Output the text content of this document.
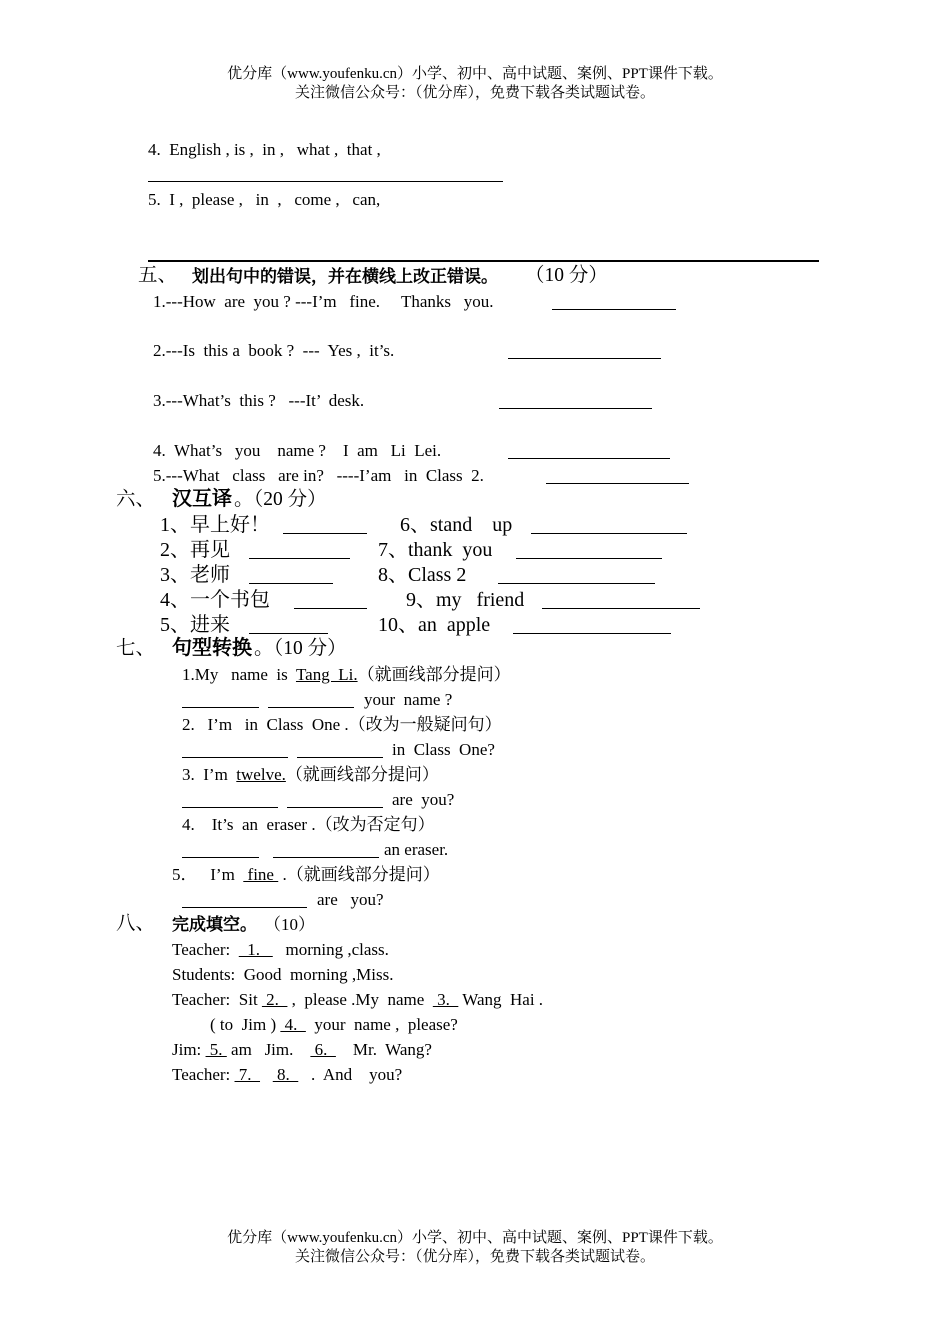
优分库（www.youfenku.cn）小学、初中、高中试题、案例、PPT课件下载。
关注微信公众号：（优分库），免费下载各类试题试卷。
4.  English , is ,  in ,   what ,  that ,
5.  I ,  please ,   in  ,   come ,   can,
五、 划出句中的错误，并在横线上改正错误。 （10 分）
1.---How  are  you ? ---I’m   fine.     Thanks   you.
2.---Is  this a  book ?  ---  Yes ,  it’s.
3.---What’s  this ?   ---It’  desk.
4.  What’s   you    name ?    I  am   Li  Lei.
5.---What   class   are in?   ----I’am   in  Class  2.
六、 汉互译 。（20 分）
1、早上好！
2、再见
3、老师
4、一个书包
5、进来
6、stand    up
7、thank  you
8、Class 2
9、my   friend
10、an  apple
七、 句型转换 。（10 分）
1.My   name  is  Tang  Li.（就画线部分提问）
your  name ?
2.   I’m   in  Class  One .（改为一般疑问句）
in  Class  One?
3.  I’m  twelve.（就画线部分提问）
are  you?
4.    It’s  an  eraser .（改为否定句）
an eraser.
5．   I’m   fine  .（就画线部分提问）
are   you?
八、 完成填空。 （10）
Teacher:    1.      morning ,class.
Students:  Good  morning ,Miss.
Teacher:  Sit  2.   ,  please .My  name   3.   Wang  Hai .
( to  Jim )  4.    your  name ,  please?
Jim:  5.  am   Jim.     6.      Mr.  Wang?
Teacher:  7.      8.     .  And    you?
优分库（www.youfenku.cn）小学、初中、高中试题、案例、PPT课件下载。
关注微信公众号：（优分库），免费下载各类试题试卷。
